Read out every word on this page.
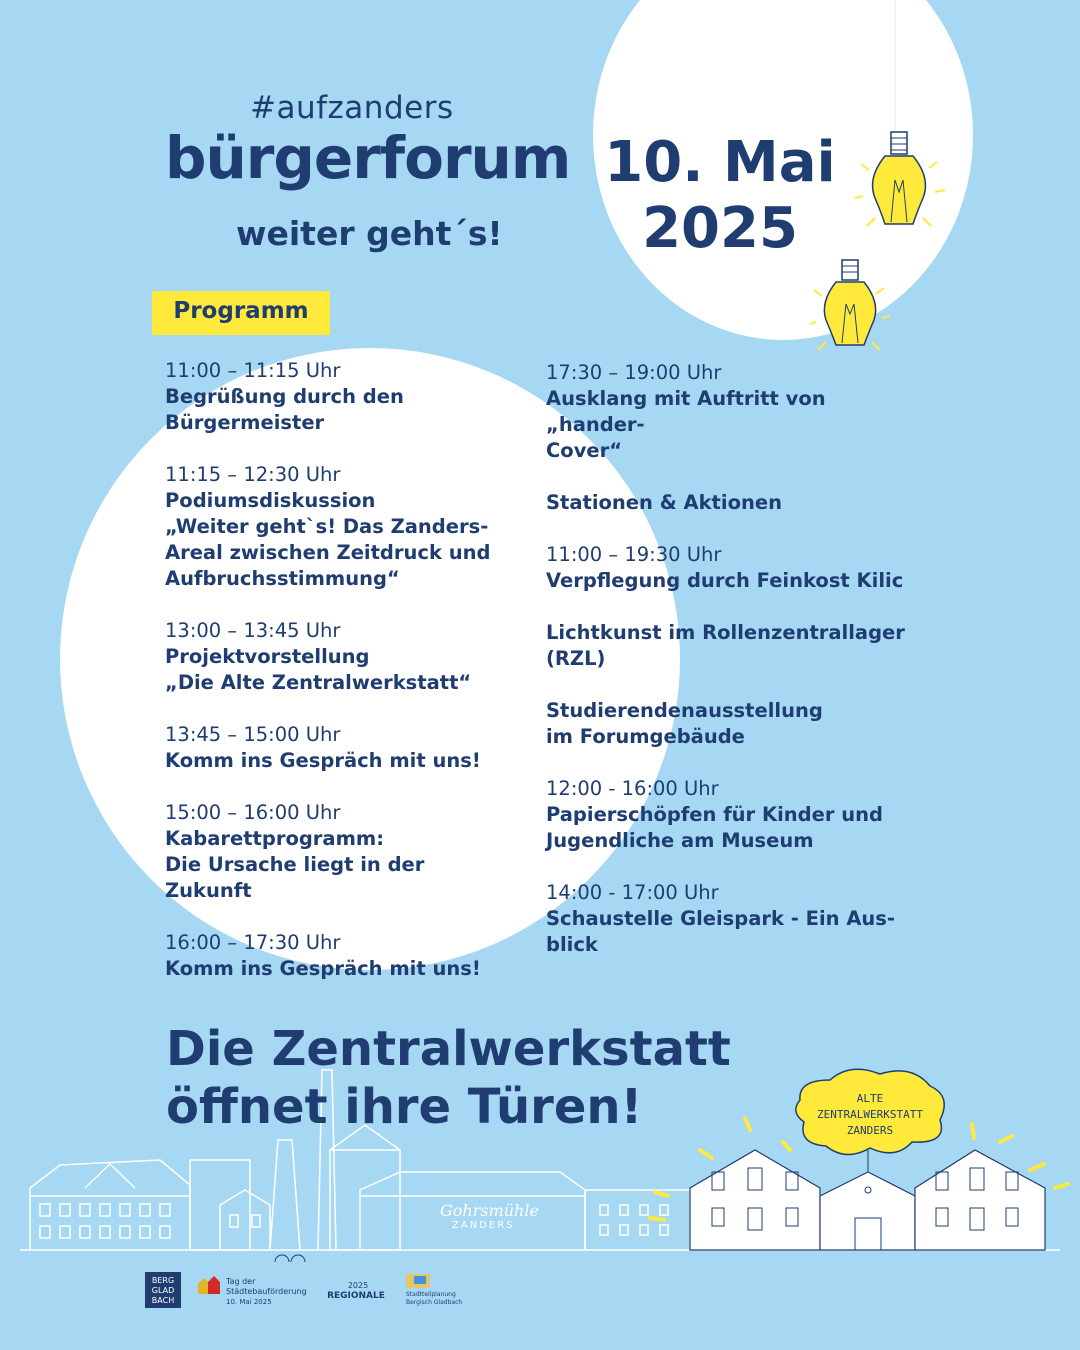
#aufzanders
bürgerforum
weiter geht´s!
10. Mai
2025
Programm
11:00 – 11:15 Uhr
Begrüßung durch den
Bürgermeister
11:15 – 12:30 Uhr
Podiumsdiskussion
„Weiter geht`s! Das Zanders-
Areal zwischen Zeitdruck und
Aufbruchsstimmung“
13:00 – 13:45 Uhr
Projektvorstellung
„Die Alte Zentralwerkstatt“
13:45 – 15:00 Uhr
Komm ins Gespräch mit uns!
15:00 – 16:00 Uhr
Kabarettprogramm:
Die Ursache liegt in der
Zukunft
16:00 – 17:30 Uhr
Komm ins Gespräch mit uns!
17:30 – 19:00 Uhr
Ausklang mit Auftritt von „hander-
Cover“
Stationen & Aktionen
11:00 – 19:30 Uhr
Verpflegung durch Feinkost Kilic
Lichtkunst im Rollenzentrallager
(RZL)
Studierendenausstellung
im Forumgebäude
12:00 - 16:00 Uhr
Papierschöpfen für Kinder und
Jugendliche am Museum
14:00 - 17:00 Uhr
Schaustelle Gleispark - Ein Aus-
blick
ALTE
ZENTRALWERKSTATT
ZANDERS
Gohrsmühle
ZANDERS
Die Zentralwerkstatt
öffnet ihre Türen!
BERG
GLAD
BACH
Tag der
Städtebauförderung
10. Mai 2025
2025
REGIONALE	Stadtteilplanung
Bergisch Gladbach
